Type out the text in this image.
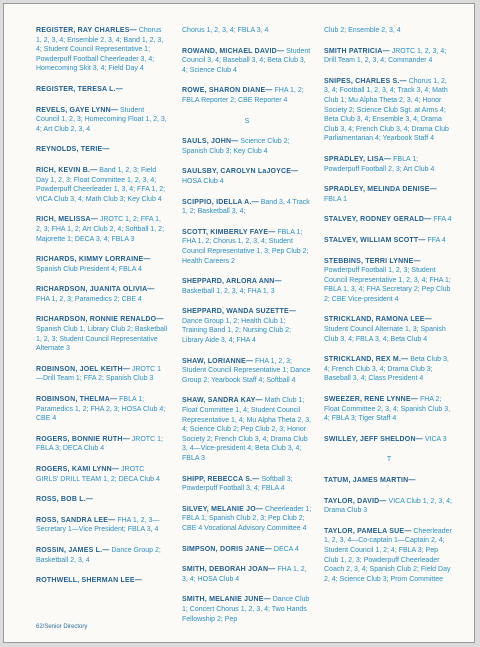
REGISTER, RAY CHARLES— Chorus 1, 2, 3, 4; Ensemble 2, 3, 4; Band 1, 2, 3, 4; Student Council Representative 1; Powderpuff Football Cheerleader 3, 4; Homecoming Skit 3, 4; Field Day 4
REGISTER, TERESA L.—
REVELS, GAYE LYNN— Student Council 1, 2, 3; Homecoming Float 1, 2, 3, 4; Art Club 2, 3, 4
REYNOLDS, TERIE—
RICH, KEVIN B.— Band 1, 2, 3; Field Day 1, 2, 3; Float Committee 1, 2, 3, 4; Powderpuff Cheerleader 1, 3, 4; FFA 1, 2; VICA Club 3, 4; Math Club 3; Key Club 4
RICH, MELISSA— JROTC 1, 2; FFA 1, 2, 3; FHA 1, 2; Art Club 2, 4; Softball 1, 2; Majorette 1; DECA 3, 4; FBLA 3
RICHARDS, KIMMY LORRAINE— Spanish Club President 4; FBLA 4
RICHARDSON, JUANITA OLIVIA— FHA 1, 2, 3; Paramedics 2; CBE 4
RICHARDSON, RONNIE RENALDO— Spanish Club 1, Library Club 2; Basketball 1, 2, 3; Student Council Representative Alternate 3
ROBINSON, JOEL KEITH— JROTC 1—Drill Team 1; FFA 2; Spanish Club 3
ROBINSON, THELMA— FBLA 1; Paramedics 1, 2; FHA 2, 3; HOSA Club 4; CBE 4
ROGERS, BONNIE RUTH— JROTC 1; FBLA 3; DECA Club 4
ROGERS, KAMI LYNN— JROTC GIRLS' DRILL TEAM 1, 2; DECA Club 4
ROSS, BOB L.—
ROSS, SANDRA LEE— FHA 1, 2, 3—Secretary 1—Vice President; FBLA 3, 4
ROSSIN, JAMES L.— Dance Group 2; Basketball 2, 3, 4
ROTHWELL, SHERMAN LEE—
Chorus 1, 2, 3, 4; FBLA 3, 4
ROWAND, MICHAEL DAVID— Student Council 3, 4; Baseball 3, 4; Beta Club 3, 4; Science Club 4
ROWE, SHARON DIANE— FHA 1, 2; FBLA Reporter 2; CBE Reporter 4
S
SAULS, JOHN— Science Club 2; Spanish Club 3; Key Club 4
SAULSBY, CAROLYN LaJOYCE— HOSA Club 4
SCIPPIO, IDELLA A.— Band 3, 4 Track 1, 2; Basketball 3, 4;
SCOTT, KIMBERLY FAYE— FBLA 1; FHA 1, 2; Chorus 1, 2, 3, 4; Student Council Representative 1, 3; Pep Club 2; Health Careers 2
SHEPPARD, ARLORA ANN— Basketball 1, 2, 3, 4; FHA 1, 3
SHEPPARD, WANDA SUZETTE— Dance Group 1, 2; Health Club 1; Training Band 1, 2; Nursing Club 2; Library Aide 3, 4; FHA 4
SHAW, LORIANNE— FHA 1, 2, 3; Student Council Representative 1; Dance Group 2; Yearbook Staff 4; Softball 4
SHAW, SANDRA KAY— Math Club 1; Float Committee 1, 4; Student Council Representative 1, 4; Mu Alpha Theta 2, 3, 4; Science Club 2; Pep Club 2, 3; Honor Society 2; French Club 3, 4; Drama Club 3, 4—Vice-president 4; Beta Club 3, 4; FBLA 3
SHIPP, REBECCA S.— Softball 3; Powderpuff Football 3, 4; FBLA 4
SILVEY, MELANIE JO— Cheerleader 1; FBLA 1; Spanish Club 2, 3; Pep Club 2; CBE 4 Vocational Advisory Committee 4
SIMPSON, DORIS JANE— DECA 4
SMITH, DEBORAH JOAN— FHA 1, 2, 3, 4; HOSA Club 4
SMITH, MELANIE JUNE— Dance Club 1; Concert Chorus 1, 2, 3, 4; Two Hands Fellowship 2; Pep
Club 2; Ensemble 2, 3, 4
SMITH PATRICIA— JROTC 1, 2, 3, 4; Drill Team 1, 2, 3, 4; Commander 4
SNIPES, CHARLES S.— Chorus 1, 2, 3, 4; Football 1, 2, 3, 4; Track 3, 4; Math Club 1; Mu Alpha Theta 2, 3, 4; Honor Society 2; Science Club Sgt. at Arms 4; Beta Club 3, 4; Ensemble 3, 4; Drama Club 3, 4; French Club 3, 4; Drama Club Parliamentarian 4; Yearbook Staff 4
SPRADLEY, LISA— FBLA 1; Powderpuff Football 2, 3; Art Club 4
SPRADLEY, MELINDA DENISE— FBLA 1
STALVEY, RODNEY GERALD— FFA 4
STALVEY, WILLIAM SCOTT— FFA 4
STEBBINS, TERRI LYNNE— Powderpuff Football 1, 2, 3; Student Council Representative 1, 2, 3, 4; FHA 1; FBLA 1, 3, 4; FHA Secretary 2; Pep Club 2; CBE Vice-president 4
STRICKLAND, RAMONA LEE— Student Council Alternate 1, 3; Spanish Club 3, 4; FBLA 3, 4; Beta Club 4
STRICKLAND, REX M.— Beta Club 3, 4; French Club 3, 4; Drama Club 3; Baseball 3, 4; Class President 4
SWEEZER, RENE LYNNE— FHA 2; Float Committee 2, 3, 4; Spanish Club 3, 4; FBLA 3; Tiger Staff 4
SWILLEY, JEFF SHELDON— VICA 3
T
TATUM, JAMES MARTIN—
TAYLOR, DAVID— VICA Club 1, 2, 3, 4; Drama Club 3
TAYLOR, PAMELA SUE— Cheerleader 1, 2, 3, 4—Co-captain 1—Captain 2, 4; Student Council 1, 2; 4; FBLA 3; Pep Club 1, 2, 3; Powderpuff Cheerleader Coach 2, 3, 4; Spanish Club 2; Field Day 2, 4; Science Club 3; Prom Committee
62/Senior Directory
